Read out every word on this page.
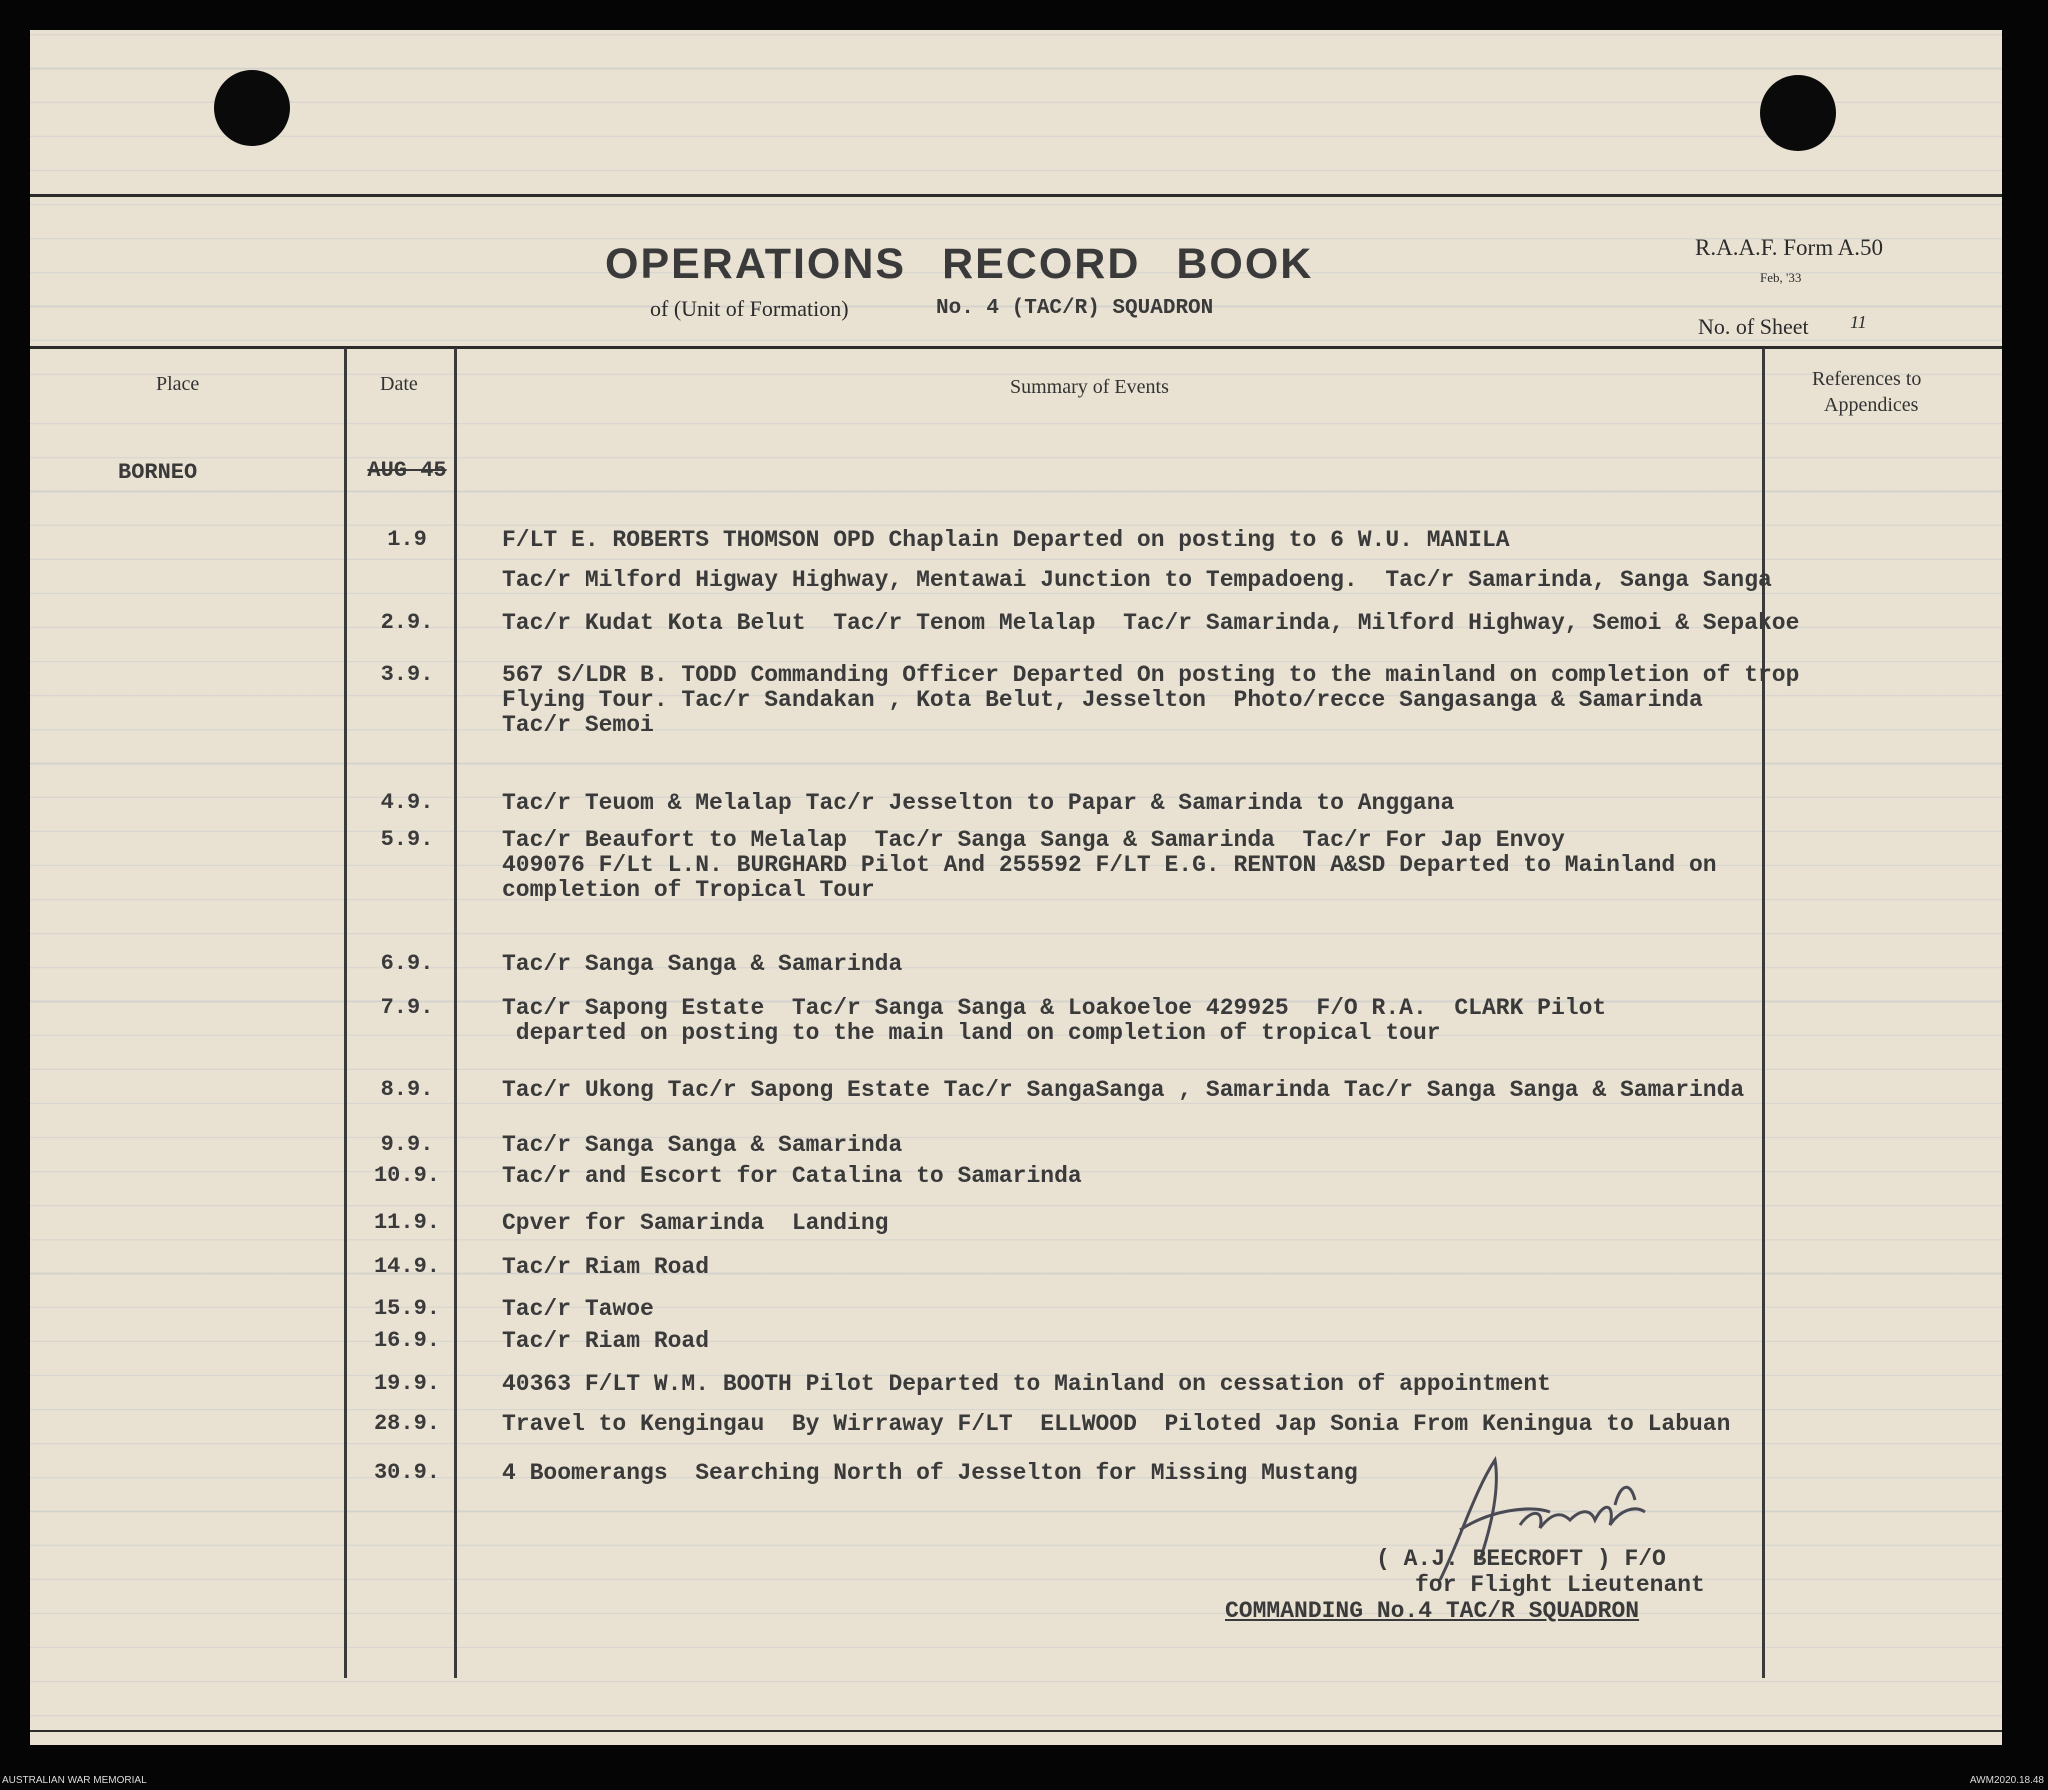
OPERATIONS RECORD BOOK
of (Unit of Formation)	No. 4 (TAC/R) SQUADRON
R.A.A.F. Form A.50
Feb, '33
No. of Sheet 11
Place	Date	Summary of Events	References to
Appendices
BORNEO	AUG 45
1.9	F/LT E. ROBERTS THOMSON OPD Chaplain Departed on posting to 6 W.U. MANILA
Tac/r Milford Higway Highway, Mentawai Junction to Tempadoeng.  Tac/r Samarinda, Sanga Sanga
2.9.	Tac/r Kudat Kota Belut  Tac/r Tenom Melalap  Tac/r Samarinda, Milford Highway, Semoi & Sepakoe
3.9.	567 S/LDR B. TODD Commanding Officer Departed On posting to the mainland on completion of trop
Flying Tour. Tac/r Sandakan , Kota Belut, Jesselton  Photo/recce Sangasanga & Samarinda
Tac/r Semoi
4.9.	Tac/r Teuom & Melalap Tac/r Jesselton to Papar & Samarinda to Anggana
5.9.	Tac/r Beaufort to Melalap  Tac/r Sanga Sanga & Samarinda  Tac/r For Jap Envoy
409076 F/Lt L.N. BURGHARD Pilot And 255592 F/LT E.G. RENTON A&SD Departed to Mainland on
completion of Tropical Tour
6.9.	Tac/r Sanga Sanga & Samarinda
7.9.	Tac/r Sapong Estate  Tac/r Sanga Sanga & Loakoeloe 429925  F/O R.A.  CLARK Pilot
departed on posting to the main land on completion of tropical tour
8.9.	Tac/r Ukong Tac/r Sapong Estate Tac/r SangaSanga , Samarinda Tac/r Sanga Sanga & Samarinda
9.9.	Tac/r Sanga Sanga & Samarinda
10.9.	Tac/r and Escort for Catalina to Samarinda
11.9.	Cpver for Samarinda  Landing
14.9.	Tac/r Riam Road
15.9.	Tac/r Tawoe
16.9.	Tac/r Riam Road
19.9.	40363 F/LT W.M. BOOTH Pilot Departed to Mainland on cessation of appointment
28.9.	Travel to Kengingau  By Wirraway F/LT  ELLWOOD  Piloted Jap Sonia From Keningua to Labuan
30.9.	4 Boomerangs  Searching North of Jesselton for Missing Mustang
( A.J. BEECROFT ) F/O
for Flight Lieutenant
COMMANDING No.4 TAC/R SQUADRON
AUSTRALIAN WAR MEMORIAL	AWM2020.18.48
